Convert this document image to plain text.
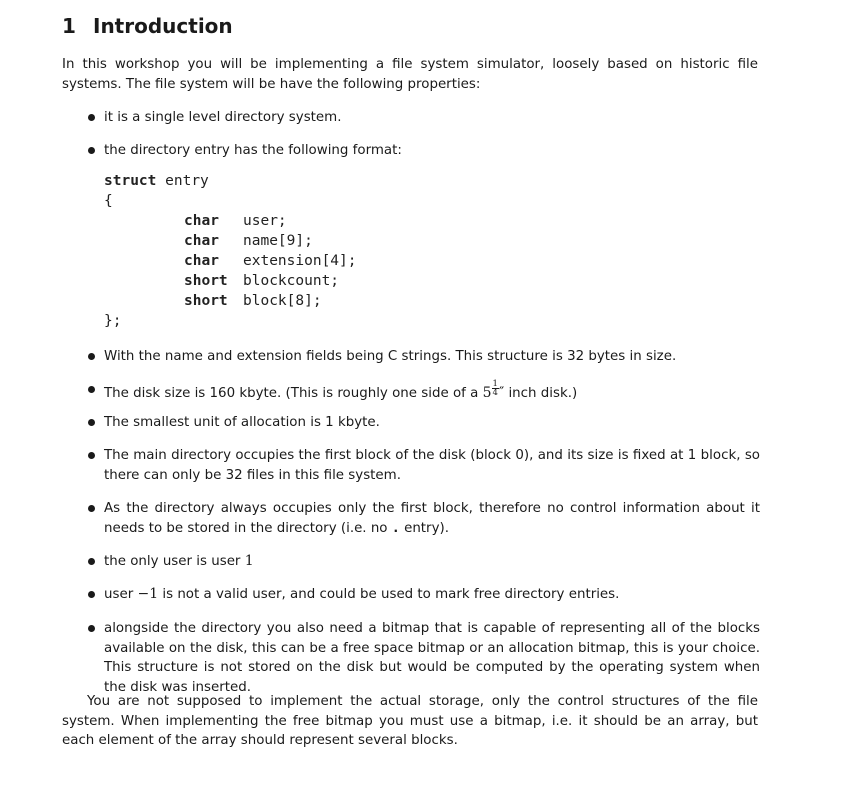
1 Introduction

In this workshop you will be implementing a file system simulator, loosely based on historic file systems. The file system will be have the following properties:

it is a single level directory system.

the directory entry has the following format:

struct entry
{
char user;
char name[9];
char extension[4];
short blockcount;
short block[8];
};

With the name and extension fields being C strings. This structure is 32 bytes in size.

The disk size is 160 kbyte. (This is roughly one side of a $5 \frac{1}{4}$ ″ inch disk.)

The smallest unit of allocation is 1 kbyte.

The main directory occupies the first block of the disk (block 0), and its size is fixed at 1 block, so there can only be 32 files in this file system.

As the directory always occupies only the first block, therefore no control information about it needs to be stored in the directory (i.e. no . entry).

the only user is user 1

user −1 is not a valid user, and could be used to mark free directory entries.

alongside the directory you also need a bitmap that is capable of representing all of the blocks available on the disk, this can be a free space bitmap or an allocation bitmap, this is your choice. This structure is not stored on the disk but would be computed by the operating system when the disk was inserted.

You are not supposed to implement the actual storage, only the control structures of the file system. When implementing the free bitmap you must use a bitmap, i.e. it should be an array, but each element of the array should represent several blocks.
